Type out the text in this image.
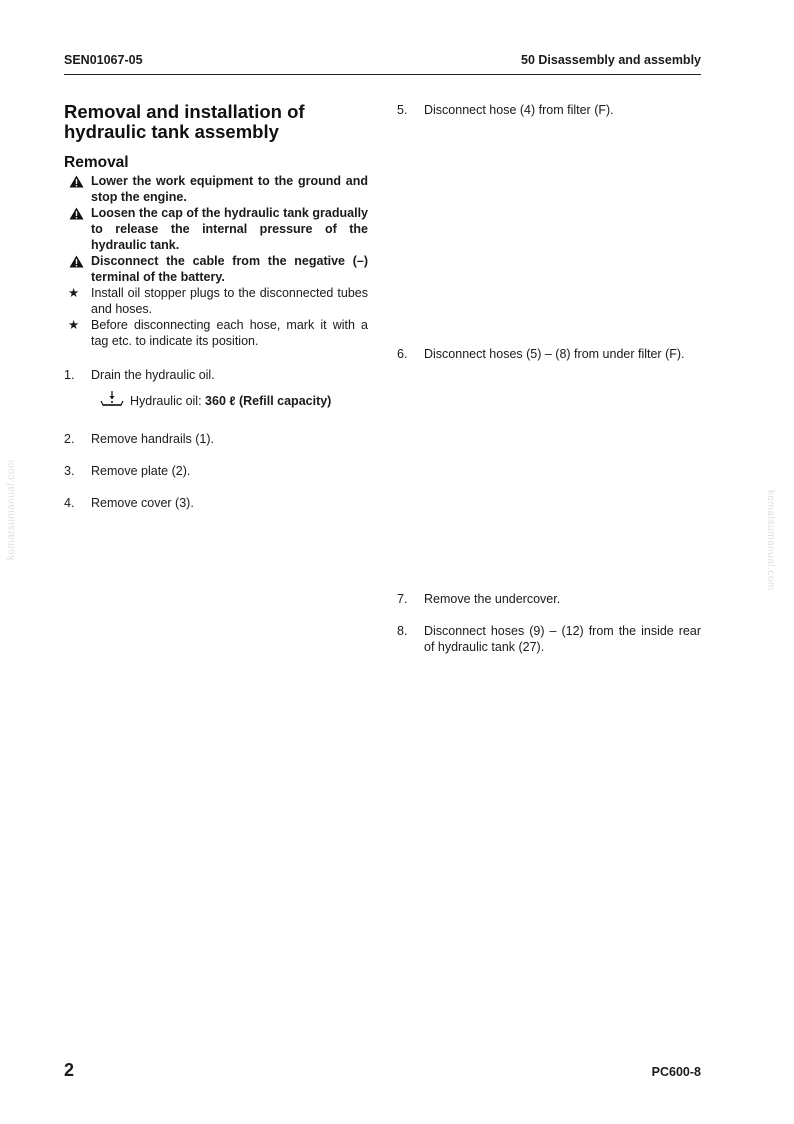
SEN01067-05	50 Disassembly and assembly
Removal and installation of hydraulic tank assembly
Removal
Lower the work equipment to the ground and stop the engine.
Loosen the cap of the hydraulic tank gradually to release the internal pressure of the hydraulic tank.
Disconnect the cable from the negative (–) terminal of the battery.
★ Install oil stopper plugs to the disconnected tubes and hoses.
★ Before disconnecting each hose, mark it with a tag etc. to indicate its position.
1. Drain the hydraulic oil.
Hydraulic oil: 360 ℓ (Refill capacity)
2. Remove handrails (1).
3. Remove plate (2).
4. Remove cover (3).
5. Disconnect hose (4) from filter (F).
6. Disconnect hoses (5) – (8) from under filter (F).
7. Remove the undercover.
8. Disconnect hoses (9) – (12) from the inside rear of hydraulic tank (27).
komatsumanual.com	komatsumanual.com
2	PC600-8
